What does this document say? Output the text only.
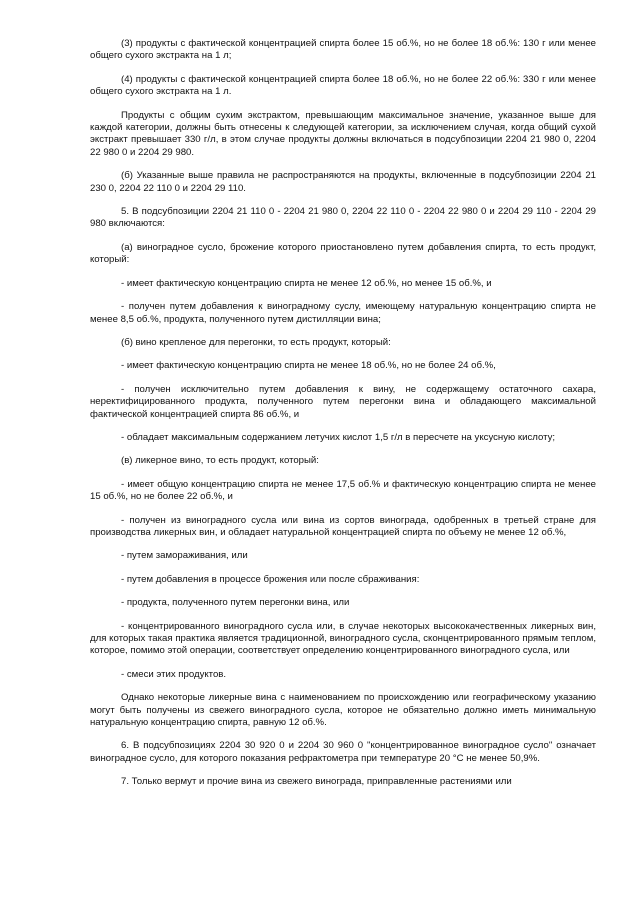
(3) продукты с фактической концентрацией спирта более 15 об.%, но не более 18 об.%: 130 г или менее общего сухого экстракта на 1 л;

(4) продукты с фактической концентрацией спирта более 18 об.%, но не более 22 об.%: 330 г или менее общего сухого экстракта на 1 л.

Продукты с общим сухим экстрактом, превышающим максимальное значение, указанное выше для каждой категории, должны быть отнесены к следующей категории, за исключением случая, когда общий сухой экстракт превышает 330 г/л, в этом случае продукты должны включаться в подсубпозиции 2204 21 980 0, 2204 22 980 0 и 2204 29 980.

(б) Указанные выше правила не распространяются на продукты, включенные в подсубпозиции 2204 21 230 0, 2204 22 110 0 и 2204 29 110.

5. В подсубпозиции 2204 21 110 0 - 2204 21 980 0, 2204 22 110 0 - 2204 22 980 0 и 2204 29 110 - 2204 29 980 включаются:

(а) виноградное сусло, брожение которого приостановлено путем добавления спирта, то есть продукт, который:

- имеет фактическую концентрацию спирта не менее 12 об.%, но менее 15 об.%, и

- получен путем добавления к виноградному суслу, имеющему натуральную концентрацию спирта не менее 8,5 об.%, продукта, полученного путем дистилляции вина;

(б) вино крепленое для перегонки, то есть продукт, который:

- имеет фактическую концентрацию спирта не менее 18 об.%, но не более 24 об.%,

- получен исключительно путем добавления к вину, не содержащему остаточного сахара, неректифицированного продукта, полученного путем перегонки вина и обладающего максимальной фактической концентрацией спирта 86 об.%, и

- обладает максимальным содержанием летучих кислот 1,5 г/л в пересчете на уксусную кислоту;

(в) ликерное вино, то есть продукт, который:

- имеет общую концентрацию спирта не менее 17,5 об.% и фактическую концентрацию спирта не менее 15 об.%, но не более 22 об.%, и

- получен из виноградного сусла или вина из сортов винограда, одобренных в третьей стране для производства ликерных вин, и обладает натуральной концентрацией спирта по объему не менее 12 об.%,

- путем замораживания, или

- путем добавления в процессе брожения или после сбраживания:

- продукта, полученного путем перегонки вина, или

- концентрированного виноградного сусла или, в случае некоторых высококачественных ликерных вин, для которых такая практика является традиционной, виноградного сусла, сконцентрированного прямым теплом, которое, помимо этой операции, соответствует определению концентрированного виноградного сусла, или

- смеси этих продуктов.

Однако некоторые ликерные вина с наименованием по происхождению или географическому указанию могут быть получены из свежего виноградного сусла, которое не обязательно должно иметь минимальную натуральную концентрацию спирта, равную 12 об.%.

6. В подсубпозициях 2204 30 920 0 и 2204 30 960 0 "концентрированное виноградное сусло" означает виноградное сусло, для которого показания рефрактометра при температуре 20 °C не менее 50,9%.

7. Только вермут и прочие вина из свежего винограда, приправленные растениями или
